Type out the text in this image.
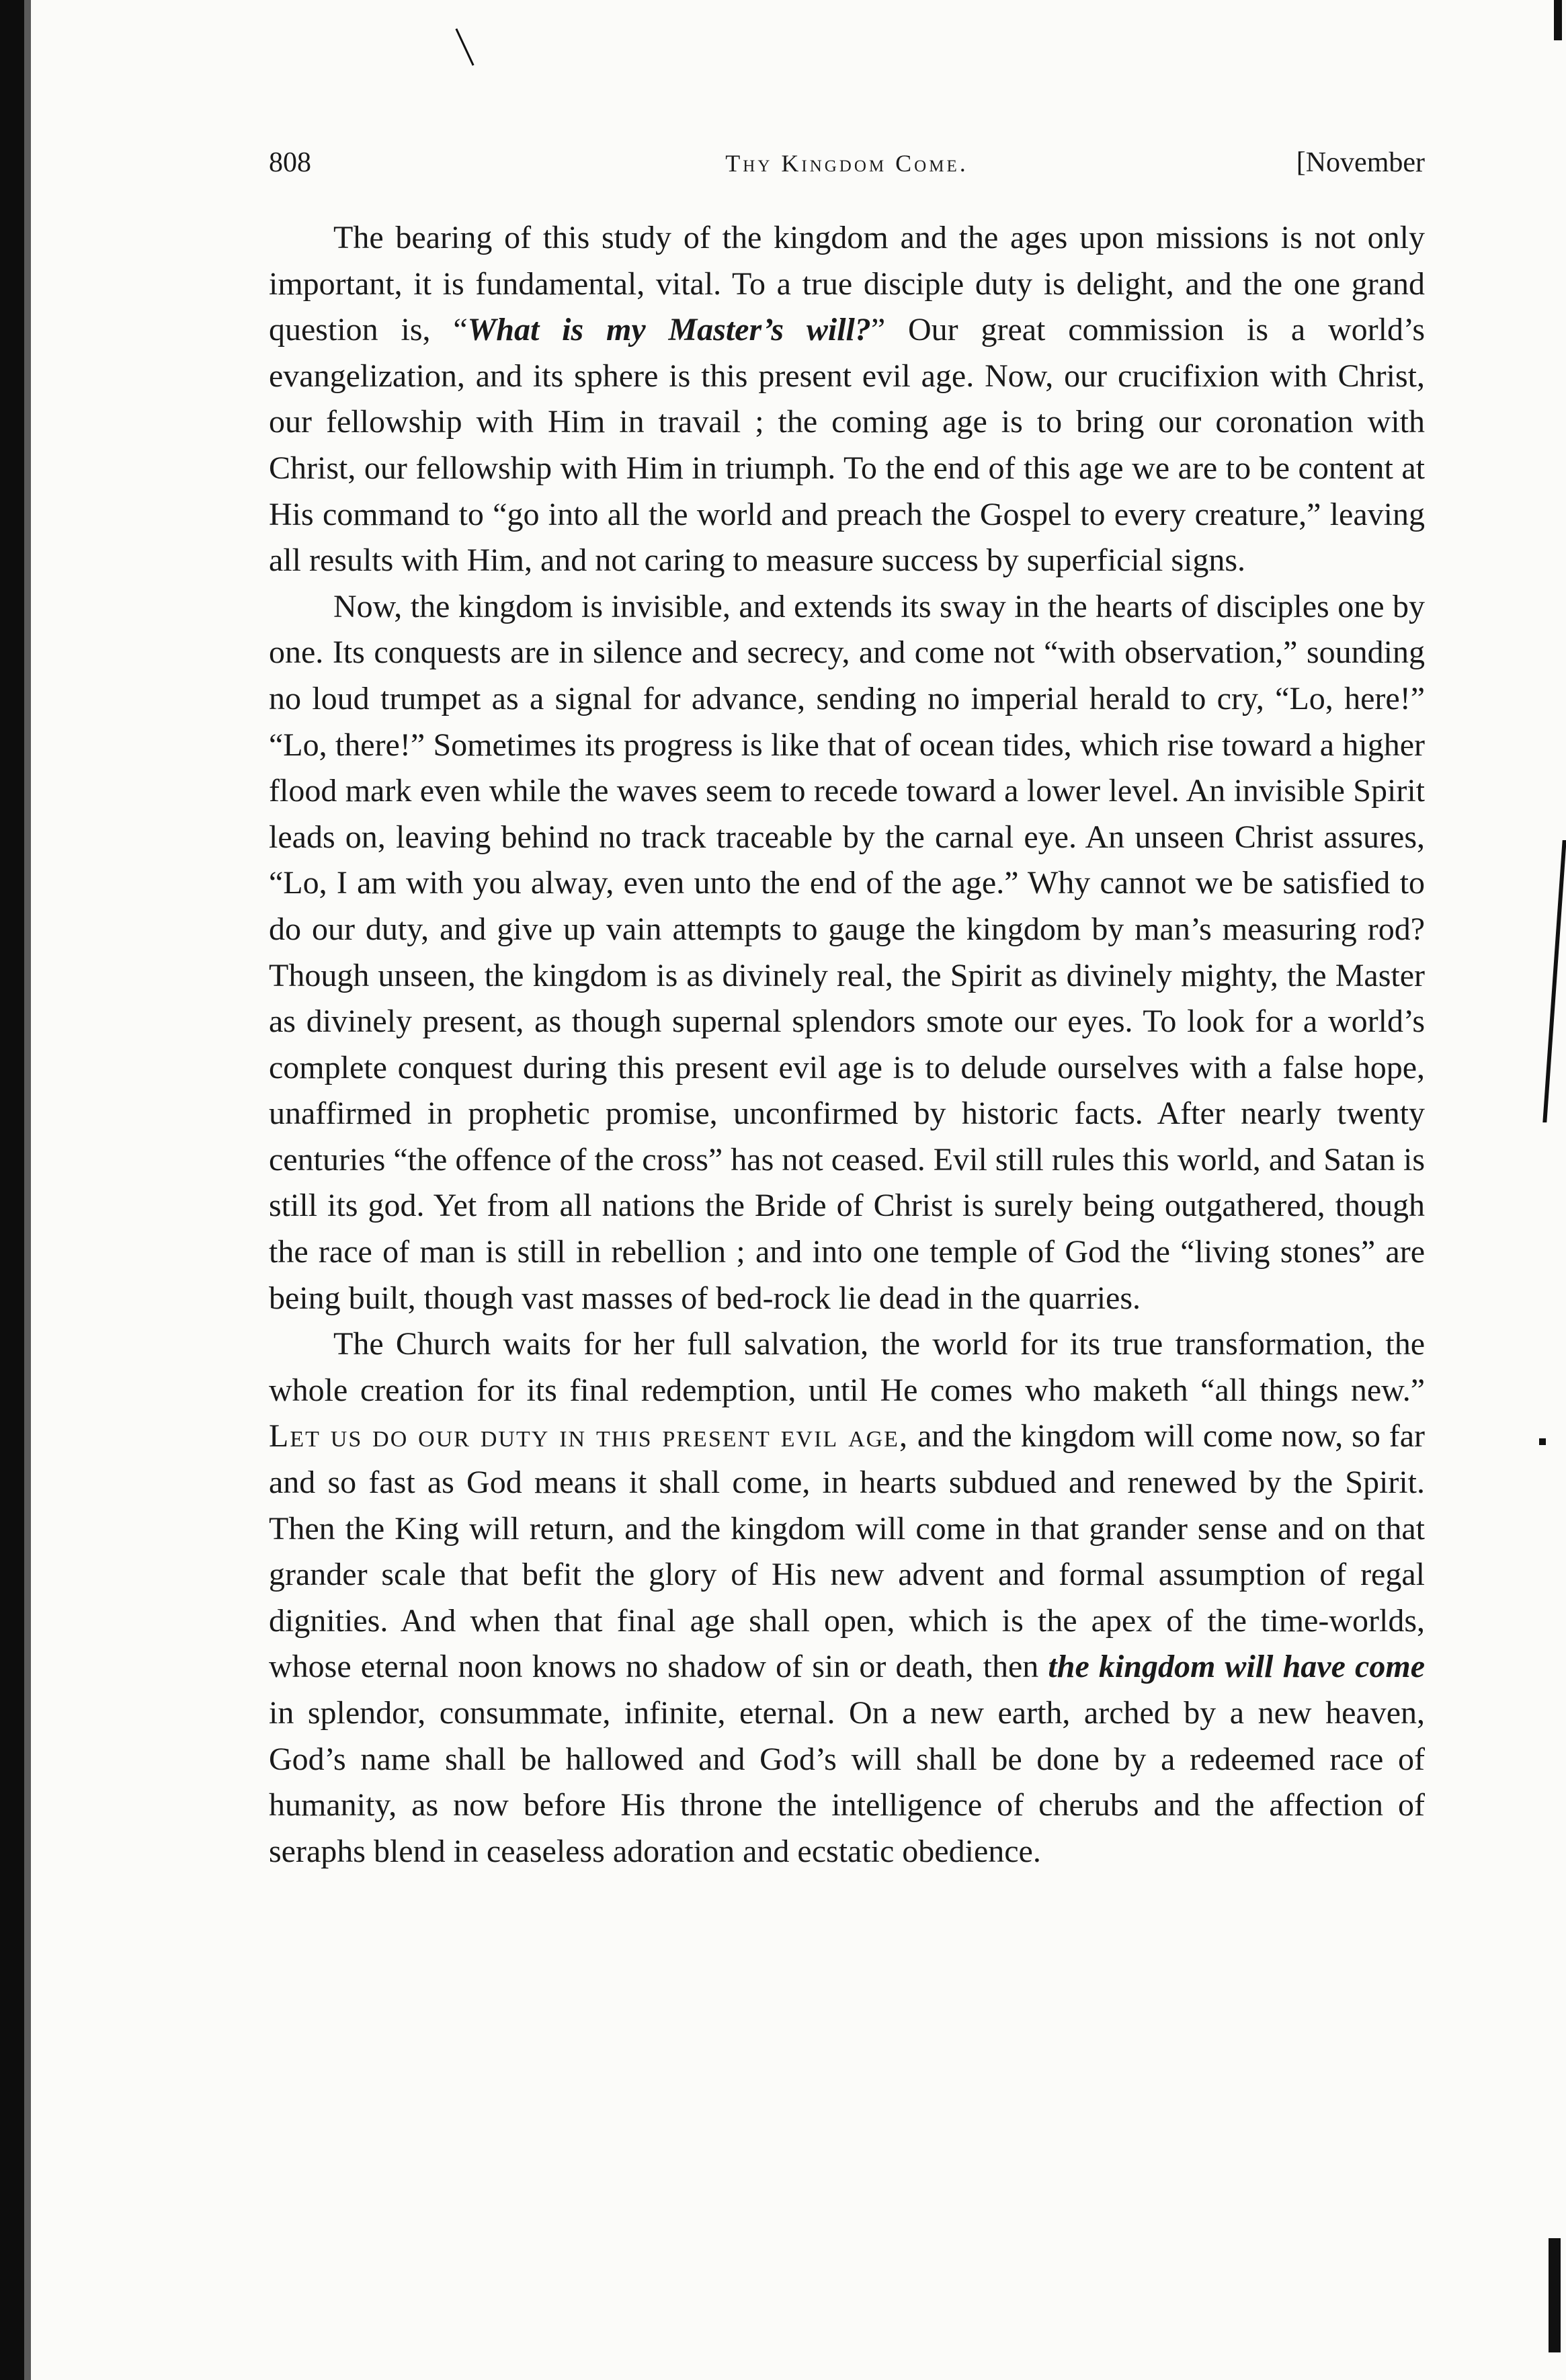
808	Thy Kingdom Come.	[November

The bearing of this study of the kingdom and the ages upon missions is not only important, it is fundamental, vital. To a true disciple duty is delight, and the one grand question is, “What is my Master’s will?” Our great commission is a world’s evangelization, and its sphere is this present evil age. Now, our crucifixion with Christ, our fellowship with Him in travail ; the coming age is to bring our coronation with Christ, our fellowship with Him in triumph. To the end of this age we are to be content at His command to “go into all the world and preach the Gospel to every creature,” leaving all results with Him, and not caring to measure success by superficial signs.

Now, the kingdom is invisible, and extends its sway in the hearts of disciples one by one. Its conquests are in silence and secrecy, and come not “with observation,” sounding no loud trumpet as a signal for advance, sending no imperial herald to cry, “Lo, here!” “Lo, there!” Sometimes its progress is like that of ocean tides, which rise toward a higher flood mark even while the waves seem to recede toward a lower level. An invisible Spirit leads on, leaving behind no track traceable by the carnal eye. An unseen Christ assures, “Lo, I am with you alway, even unto the end of the age.” Why cannot we be satisfied to do our duty, and give up vain attempts to gauge the kingdom by man’s measuring rod? Though unseen, the kingdom is as divinely real, the Spirit as divinely mighty, the Master as divinely present, as though supernal splendors smote our eyes. To look for a world’s complete conquest during this present evil age is to delude ourselves with a false hope, unaffirmed in prophetic promise, unconfirmed by historic facts. After nearly twenty centuries “the offence of the cross” has not ceased. Evil still rules this world, and Satan is still its god. Yet from all nations the Bride of Christ is surely being outgathered, though the race of man is still in rebellion ; and into one temple of God the “living stones” are being built, though vast masses of bed-rock lie dead in the quarries.

The Church waits for her full salvation, the world for its true transformation, the whole creation for its final redemption, until He comes who maketh “all things new.” Let us do our duty in this present evil age, and the kingdom will come now, so far and so fast as God means it shall come, in hearts subdued and renewed by the Spirit. Then the King will return, and the kingdom will come in that grander sense and on that grander scale that befit the glory of His new advent and formal assumption of regal dignities. And when that final age shall open, which is the apex of the time-worlds, whose eternal noon knows no shadow of sin or death, then the kingdom will have come in splendor, consummate, infinite, eternal. On a new earth, arched by a new heaven, God’s name shall be hallowed and God’s will shall be done by a redeemed race of humanity, as now before His throne the intelligence of cherubs and the affection of seraphs blend in ceaseless adoration and ecstatic obedience.
